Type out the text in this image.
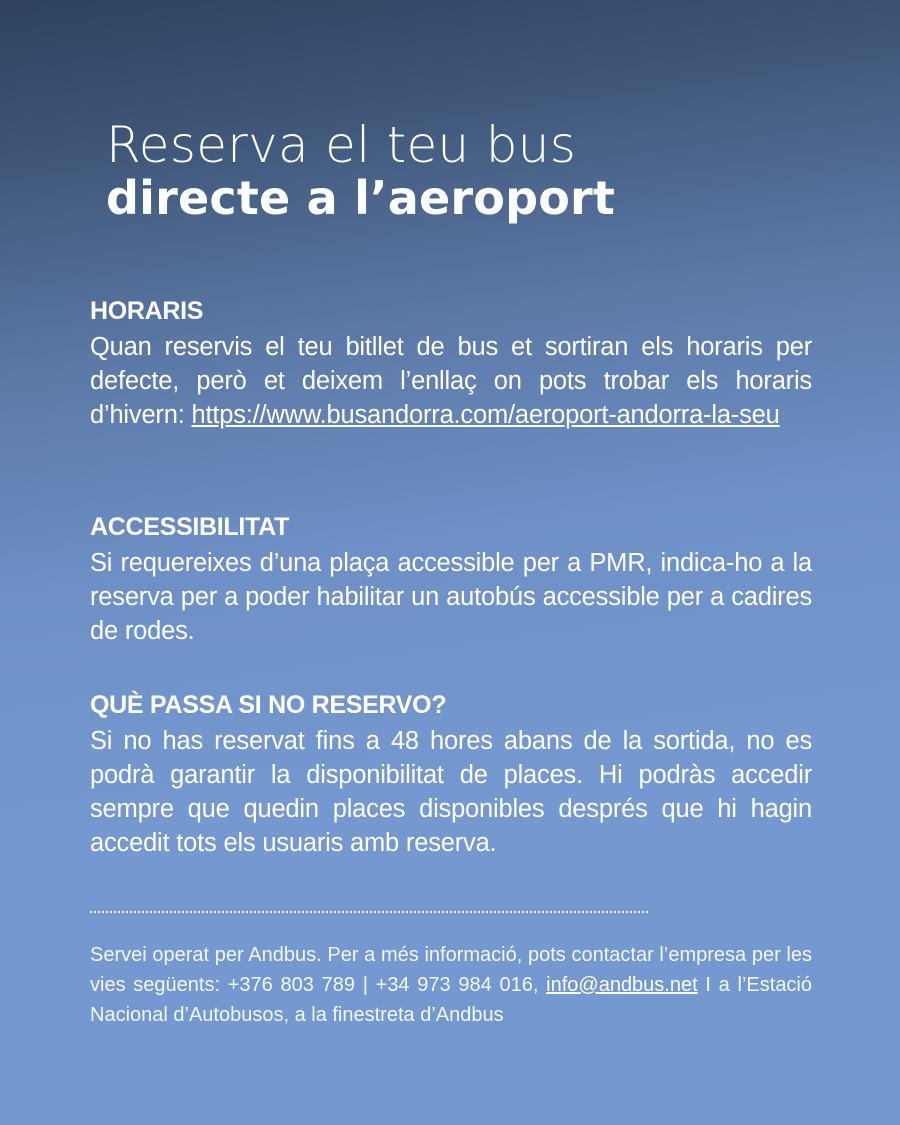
Reserva el teu bus

directe a l’aeroport

HORARIS

Quan reservis el teu bitllet de bus et sortiran els horaris per defecte, però et deixem l’enllaç on pots trobar els horaris d’hivern: https://www.busandorra.com/aeroport-andorra-la-seu

ACCESSIBILITAT

Si requereixes d’una plaça accessible per a PMR, indica-ho a la reserva per a poder habilitar un autobús accessible per a cadires de rodes.

QUÈ PASSA SI NO RESERVO?

Si no has reservat fins a 48 hores abans de la sortida, no es podrà garantir la disponibilitat de places. Hi podràs accedir sempre que quedin places disponibles després que hi hagin accedit tots els usuaris amb reserva.

Servei operat per Andbus. Per a més informació, pots contactar l’empresa per les vies següents: +376 803 789 | +34 973 984 016, info@andbus.net I a l’Estació Nacional d’Autobusos, a la finestreta d’Andbus
